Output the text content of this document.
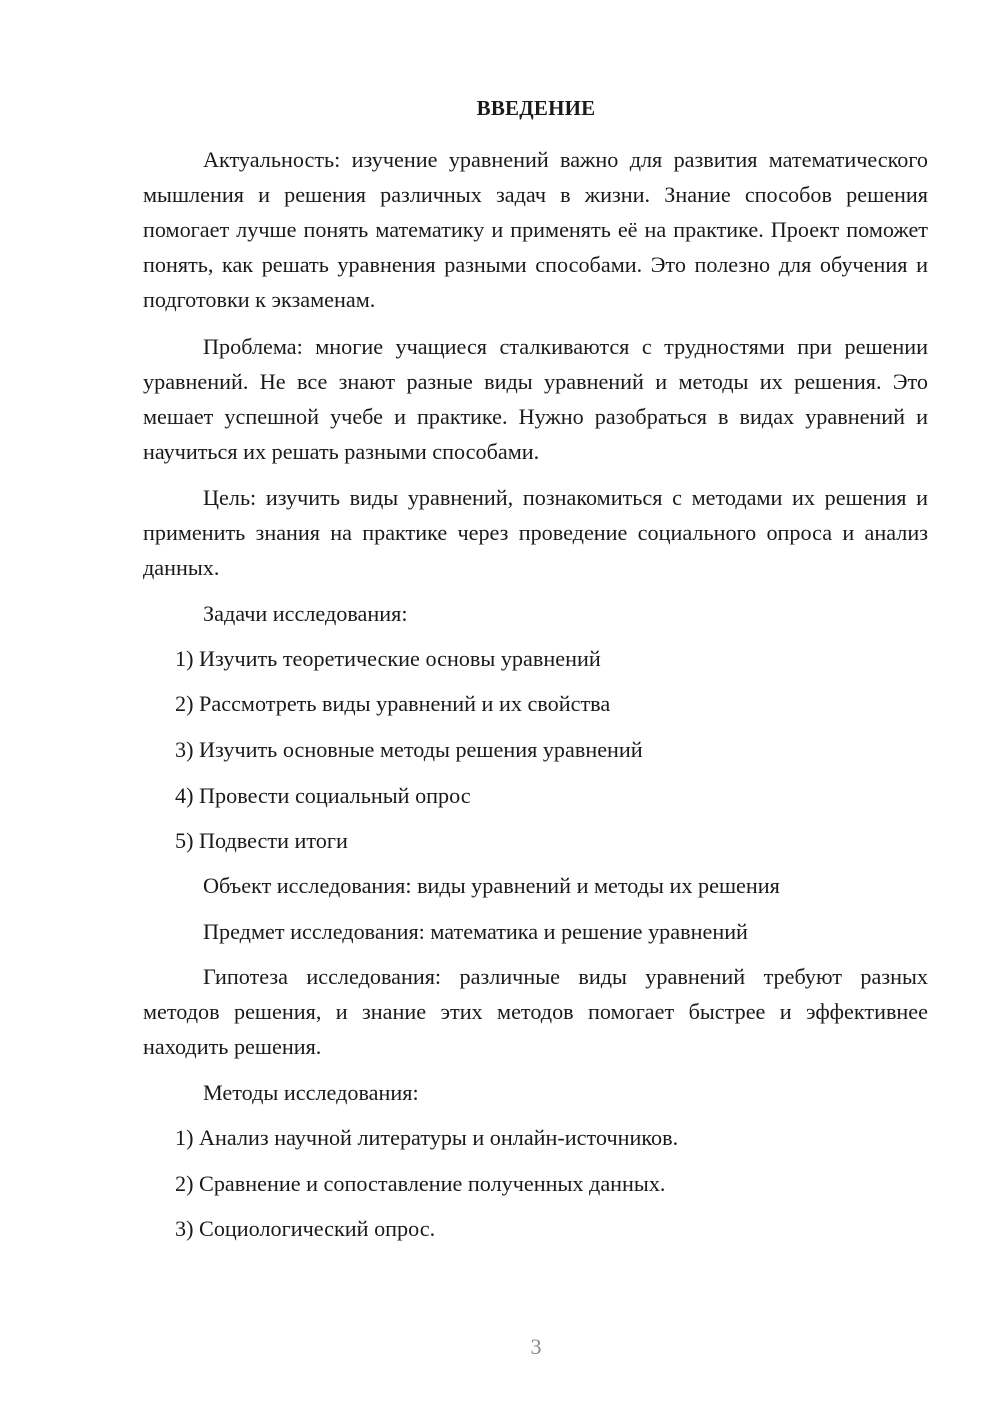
ВВЕДЕНИЕ

Актуальность: изучение уравнений важно для развития математического мышления и решения различных задач в жизни. Знание способов решения помогает лучше понять математику и применять её на практике. Проект поможет понять, как решать уравнения разными способами. Это полезно для обучения и подготовки к экзаменам.

Проблема: многие учащиеся сталкиваются с трудностями при решении уравнений. Не все знают разные виды уравнений и методы их решения. Это мешает успешной учебе и практике. Нужно разобраться в видах уравнений и научиться их решать разными способами.

Цель: изучить виды уравнений, познакомиться с методами их решения и применить знания на практике через проведение социального опроса и анализ данных.

Задачи исследования:
1) Изучить теоретические основы уравнений
2) Рассмотреть виды уравнений и их свойства
3) Изучить основные методы решения уравнений
4) Провести социальный опрос
5) Подвести итоги
Объект исследования: виды уравнений и методы их решения
Предмет исследования: математика и решение уравнений

Гипотеза исследования: различные виды уравнений требуют разных методов решения, и знание этих методов помогает быстрее и эффективнее находить решения.

Методы исследования:
1) Анализ научной литературы и онлайн-источников.
2) Сравнение и сопоставление полученных данных.
3) Социологический опрос.
3
